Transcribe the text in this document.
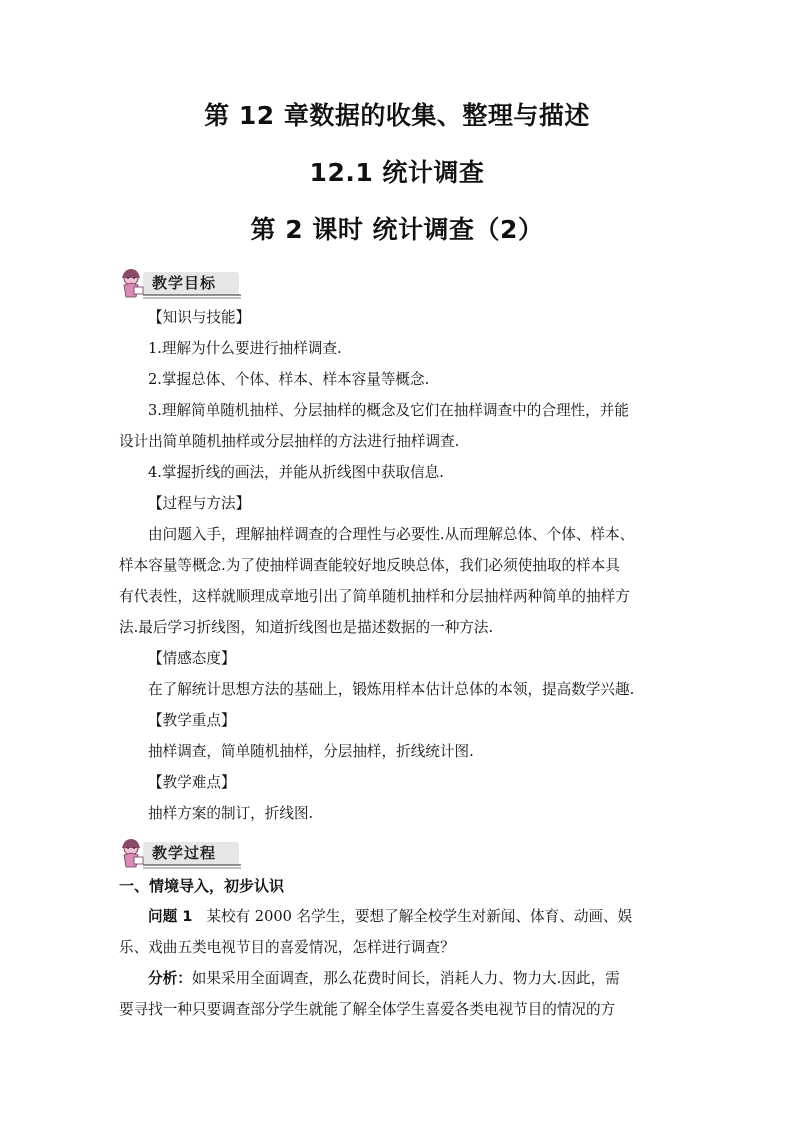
第 12 章数据的收集、整理与描述
12.1 统计调查
第 2 课时 统计调查（2）
教学目标
【知识与技能】
1.理解为什么要进行抽样调查.
2.掌握总体、个体、样本、样本容量等概念.
3.理解简单随机抽样、分层抽样的概念及它们在抽样调查中的合理性，并能
设计出简单随机抽样或分层抽样的方法进行抽样调查.
4.掌握折线的画法，并能从折线图中获取信息.
【过程与方法】
由问题入手，理解抽样调查的合理性与必要性.从而理解总体、个体、样本、
样本容量等概念.为了使抽样调查能较好地反映总体，我们必须使抽取的样本具
有代表性，这样就顺理成章地引出了简单随机抽样和分层抽样两种简单的抽样方
法.最后学习折线图，知道折线图也是描述数据的一种方法.
【情感态度】
在了解统计思想方法的基础上，锻炼用样本估计总体的本领，提高数学兴趣.
【教学重点】
抽样调查，简单随机抽样，分层抽样，折线统计图.
【教学难点】
抽样方案的制订，折线图.
教学过程
一、情境导入，初步认识
问题 1 某校有 2000 名学生，要想了解全校学生对新闻、体育、动画、娱
乐、戏曲五类电视节目的喜爱情况，怎样进行调查？
分析：如果采用全面调查，那么花费时间长，消耗人力、物力大.因此，需
要寻找一种只要调查部分学生就能了解全体学生喜爱各类电视节目的情况的方
